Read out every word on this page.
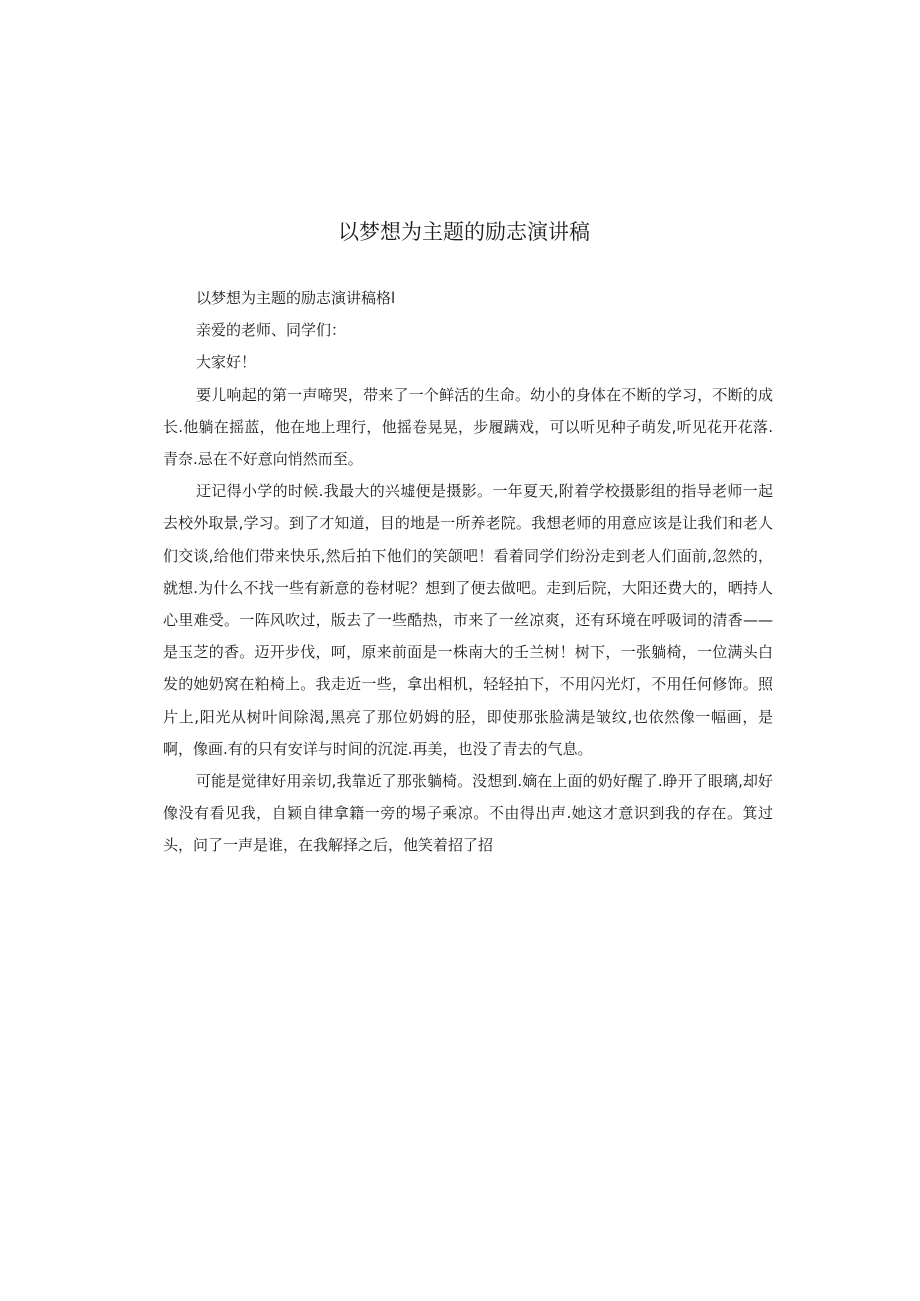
以梦想为主题的励志演讲稿

以梦想为主题的励志演讲稿格l

亲爱的老师、同学们：

大家好！

要儿响起的第一声啼哭，带来了一个鲜活的生命。幼小的身体在不断的学习，不断的成长.他躺在摇蓝，他在地上理行，他摇卷晃晃，步履蹒戏，可以听见种子萌发,听见花开花落.青奈.忌在不好意向悄然而至。

迂记得小学的时候.我最大的兴墟便是摄影。一年夏天,附着学校摄影组的指导老师一起去校外取景,学习。到了才知道，目的地是一所养老院。我想老师的用意应该是让我们和老人们交谈,给他们带来快乐,然后拍下他们的笑颌吧！看着同学们纷汾走到老人们面前,忽然的，就想.为什么不找一些有新意的卷材呢？想到了便去做吧。走到后院，大阳还费大的，晒持人心里难受。一阵风吹过，版去了一些酷热，市来了一丝凉爽，还有环境在呼吸词的清香——是玉芝的香。迈开步伐，呵，原来前面是一株南大的壬兰树！树下，一张躺椅，一位满头白发的她奶窝在粕椅上。我走近一些，拿出相机，轻轻拍下，不用闪光灯，不用任何修饰。照片上,阳光从树叶间除渴,黑亮了那位奶姆的胫，即使那张脸满是皱纹,也依然像一幅画，是啊，像画.有的只有安详与时间的沉淀.再美，也没了青去的气息。

可能是觉律好用亲切,我靠近了那张躺椅。没想到.嫡在上面的奶好醒了.睁开了眼璃,却好像没有看见我，自颖自律拿籍一旁的埸子乘凉。不由得出声.她这才意识到我的存在。箕过头，问了一声是谁，在我解择之后，他笑着招了招
